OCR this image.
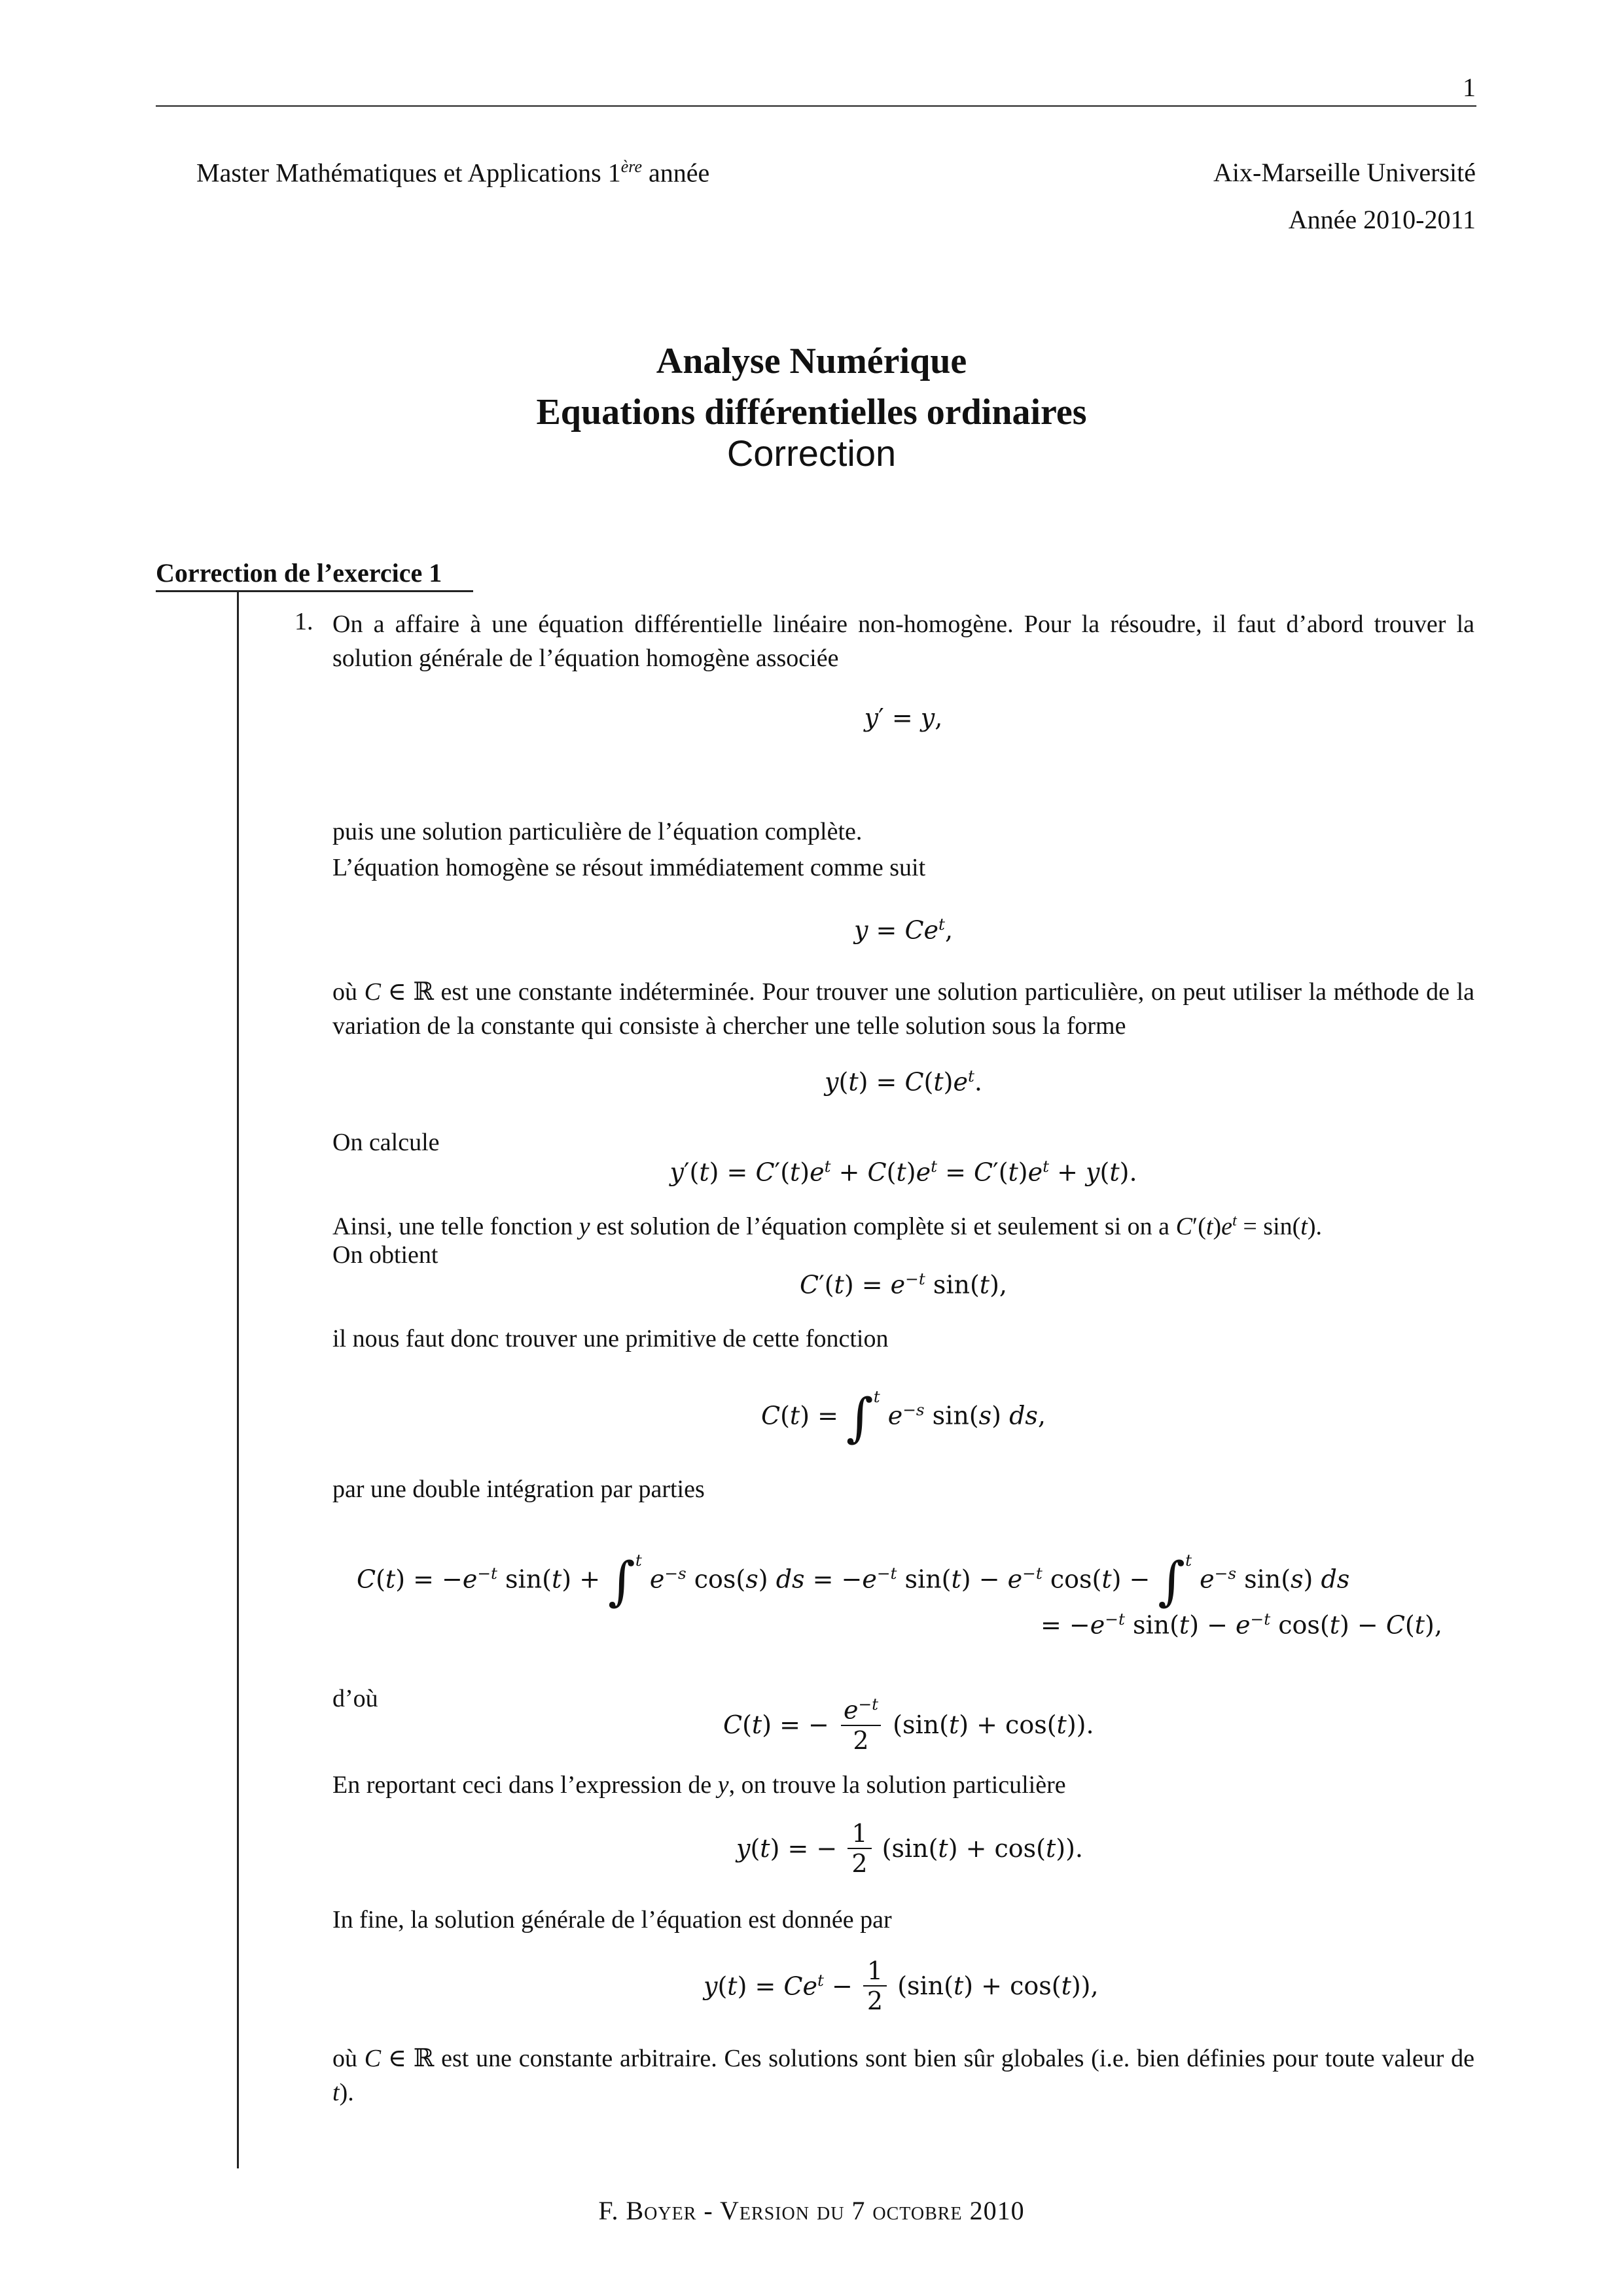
1
Master Mathématiques et Applications 1ère année	Aix-Marseille Université
Année 2010-2011
Analyse Numérique
Equations différentielles ordinaires
Correction
Correction de l’exercice 1
1. On a affaire à une équation différentielle linéaire non-homogène. Pour la résoudre, il faut d’abord trouver la solution générale de l’équation homogène associée
y′ = y,
puis une solution particulière de l’équation complète.
L’équation homogène se résout immédiatement comme suit
$y = Ce^t$,
où C ∈ ℝ est une constante indéterminée. Pour trouver une solution particulière, on peut utiliser la méthode de la variation de la constante qui consiste à chercher une telle solution sous la forme
$y(t) = C(t)e^t$.
On calcule
$y'(t) = C'(t)e^t + C(t)e^t = C'(t)e^t + y(t)$.
Ainsi, une telle fonction y est solution de l’équation complète si et seulement si on a $C'(t)e^t = \sin(t)$.
On obtient
$C'(t) = e^{-t}$ sin(t),
il nous faut donc trouver une primitive de cette fonction
C(t) = ∫$^t$ $e^{-s}$ sin(s) ds,
par une double intégration par parties
$C(t) = -e^{-t}$ sin(t) + ∫$^t$ $e^{-s}$ cos(s) ds = $-e^{-t}$ $\sin(t) - e^{-t}$ cos(t) − ∫$^t$ $e^{-s}$ sin(s) ds
= $-e^{-t}$ $\sin(t) - e^{-t}$ cos(t) − C(t),
d’où
C(t) = − $\frac{e^{-t}}{2} (\sin(t) + \cos(t))$.
En reportant ceci dans l’expression de y, on trouve la solution particulière
y(t) = − $\frac{1}{2} (\sin(t) + \cos(t))$.
In fine, la solution générale de l’équation est donnée par
$y(t) = Ce^t - \frac{1}{2} (\sin(t) + \cos(t))$,
où C ∈ ℝ est une constante arbitraire. Ces solutions sont bien sûr globales (i.e. bien définies pour toute valeur de t).
F. Boyer - Version du 7 octobre 2010
